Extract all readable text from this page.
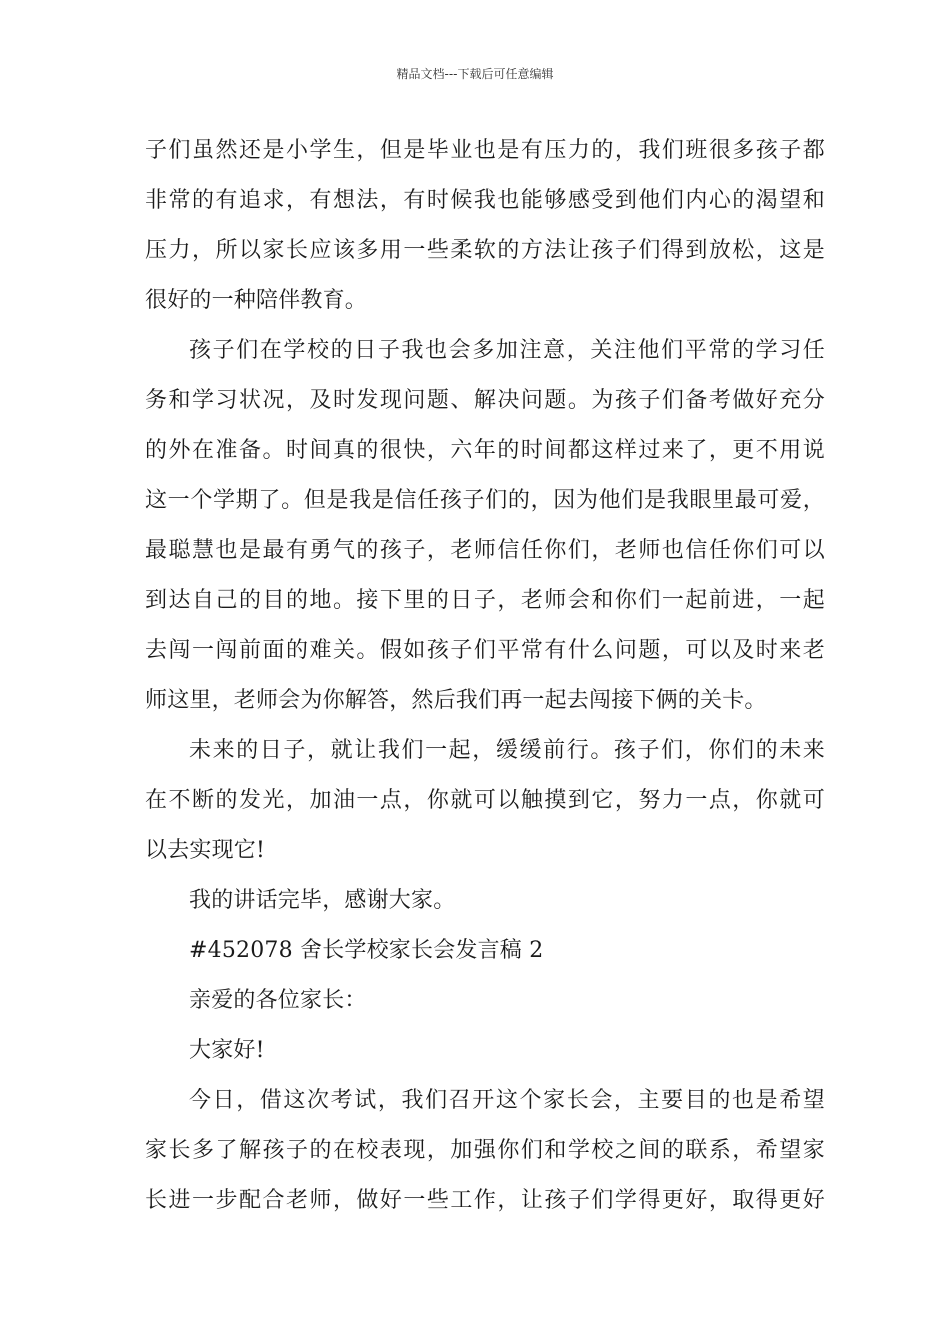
精品文档---下载后可任意编辑
子们虽然还是小学生，但是毕业也是有压力的，我们班很多孩子都
非常的有追求，有想法，有时候我也能够感受到他们内心的渴望和
压力，所以家长应该多用一些柔软的方法让孩子们得到放松，这是
很好的一种陪伴教育。
孩子们在学校的日子我也会多加注意，关注他们平常的学习任
务和学习状况，及时发现问题、解决问题。为孩子们备考做好充分
的外在准备。时间真的很快，六年的时间都这样过来了，更不用说
这一个学期了。但是我是信任孩子们的，因为他们是我眼里最可爱，
最聪慧也是最有勇气的孩子，老师信任你们，老师也信任你们可以
到达自己的目的地。接下里的日子，老师会和你们一起前进，一起
去闯一闯前面的难关。假如孩子们平常有什么问题，可以及时来老
师这里，老师会为你解答，然后我们再一起去闯接下俩的关卡。
未来的日子，就让我们一起，缓缓前行。孩子们，你们的未来
在不断的发光，加油一点，你就可以触摸到它，努力一点，你就可
以去实现它!
我的讲话完毕，感谢大家。
#452078 舍长学校家长会发言稿 2
亲爱的各位家长：
大家好!
今日，借这次考试，我们召开这个家长会，主要目的也是希望
家长多了解孩子的在校表现，加强你们和学校之间的联系，希望家
长进一步配合老师，做好一些工作，让孩子们学得更好，取得更好
